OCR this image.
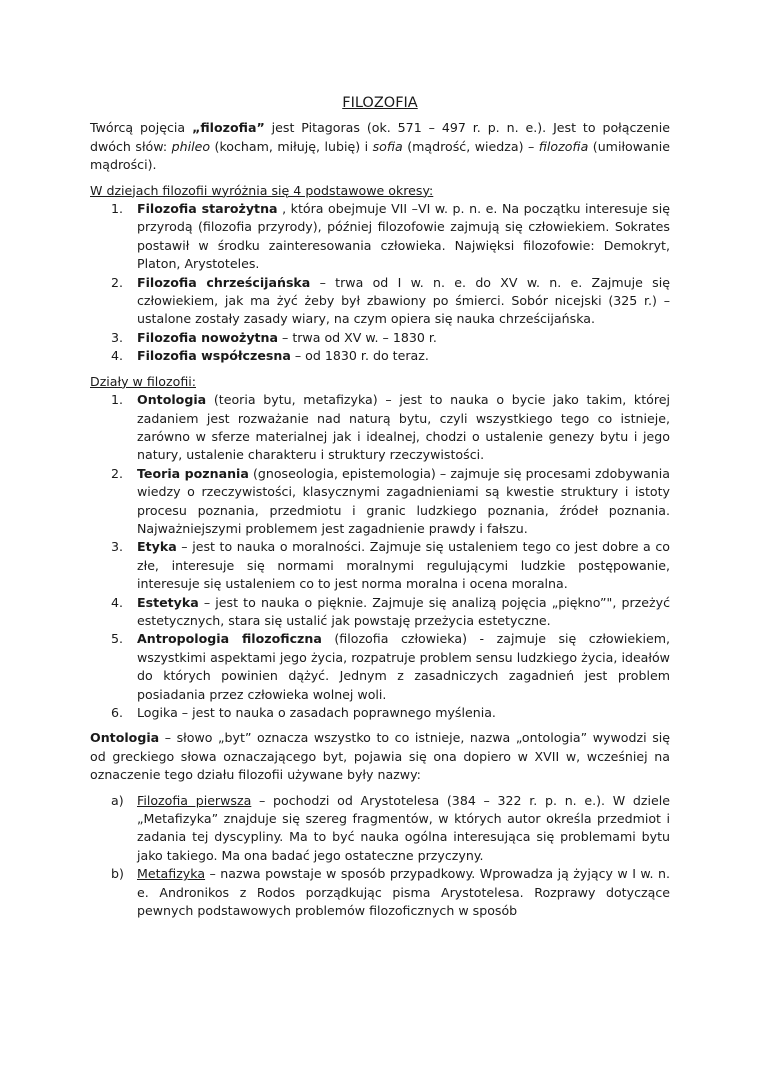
FILOZOFIA

Twórcą pojęcia „filozofia” jest Pitagoras (ok. 571 – 497 r. p. n. e.). Jest to połączenie dwóch słów: phileo (kocham, miłuję, lubię) i sofia (mądrość, wiedza) – filozofia (umiłowanie mądrości).

W dziejach filozofii wyróżnia się 4 podstawowe okresy:

1. Filozofia starożytna , która obejmuje VII –VI w. p. n. e. Na początku interesuje się przyrodą (filozofia przyrody), później filozofowie zajmują się człowiekiem. Sokrates postawił w środku zainteresowania człowieka. Najwięksi filozofowie: Demokryt, Platon, Arystoteles.
2. Filozofia chrześcijańska – trwa od I w. n. e. do XV w. n. e. Zajmuje się człowiekiem, jak ma żyć żeby był zbawiony po śmierci. Sobór nicejski (325 r.) – ustalone zostały zasady wiary, na czym opiera się nauka chrześcijańska.
3. Filozofia nowożytna – trwa od XV w. – 1830 r.
4. Filozofia współczesna – od 1830 r. do teraz.

Działy w filozofii:

1. Ontologia (teoria bytu, metafizyka) – jest to nauka o bycie jako takim, której zadaniem jest rozważanie nad naturą bytu, czyli wszystkiego tego co istnieje, zarówno w sferze materialnej jak i idealnej, chodzi o ustalenie genezy bytu i jego natury, ustalenie charakteru i struktury rzeczywistości.
2. Teoria poznania (gnoseologia, epistemologia) – zajmuje się procesami zdobywania wiedzy o rzeczywistości, klasycznymi zagadnieniami są kwestie struktury i istoty procesu poznania, przedmiotu i granic ludzkiego poznania, źródeł poznania. Najważniejszymi problemem jest zagadnienie prawdy i fałszu.
3. Etyka – jest to nauka o moralności. Zajmuje się ustaleniem tego co jest dobre a co złe, interesuje się normami moralnymi regulującymi ludzkie postępowanie, interesuje się ustaleniem co to jest norma moralna i ocena moralna.
4. Estetyka – jest to nauka o pięknie. Zajmuje się analizą pojęcia „piękno”", przeżyć estetycznych, stara się ustalić jak powstaję przeżycia estetyczne.
5. Antropologia filozoficzna (filozofia człowieka) - zajmuje się człowiekiem, wszystkimi aspektami jego życia, rozpatruje problem sensu ludzkiego życia, ideałów do których powinien dążyć. Jednym z zasadniczych zagadnień jest problem posiadania przez człowieka wolnej woli.
6. Logika – jest to nauka o zasadach poprawnego myślenia.

Ontologia – słowo „byt” oznacza wszystko to co istnieje, nazwa „ontologia” wywodzi się od greckiego słowa oznaczającego byt, pojawia się ona dopiero w XVII w, wcześniej na oznaczenie tego działu filozofii używane były nazwy:

a) Filozofia pierwsza – pochodzi od Arystotelesa (384 – 322 r. p. n. e.). W dziele „Metafizyka” znajduje się szereg fragmentów, w których autor określa przedmiot i zadania tej dyscypliny. Ma to być nauka ogólna interesująca się problemami bytu jako takiego. Ma ona badać jego ostateczne przyczyny.
b) Metafizyka – nazwa powstaje w sposób przypadkowy. Wprowadza ją żyjący w I w. n. e. Andronikos z Rodos porządkując pisma Arystotelesa. Rozprawy dotyczące pewnych podstawowych problemów filozoficznych w sposób
